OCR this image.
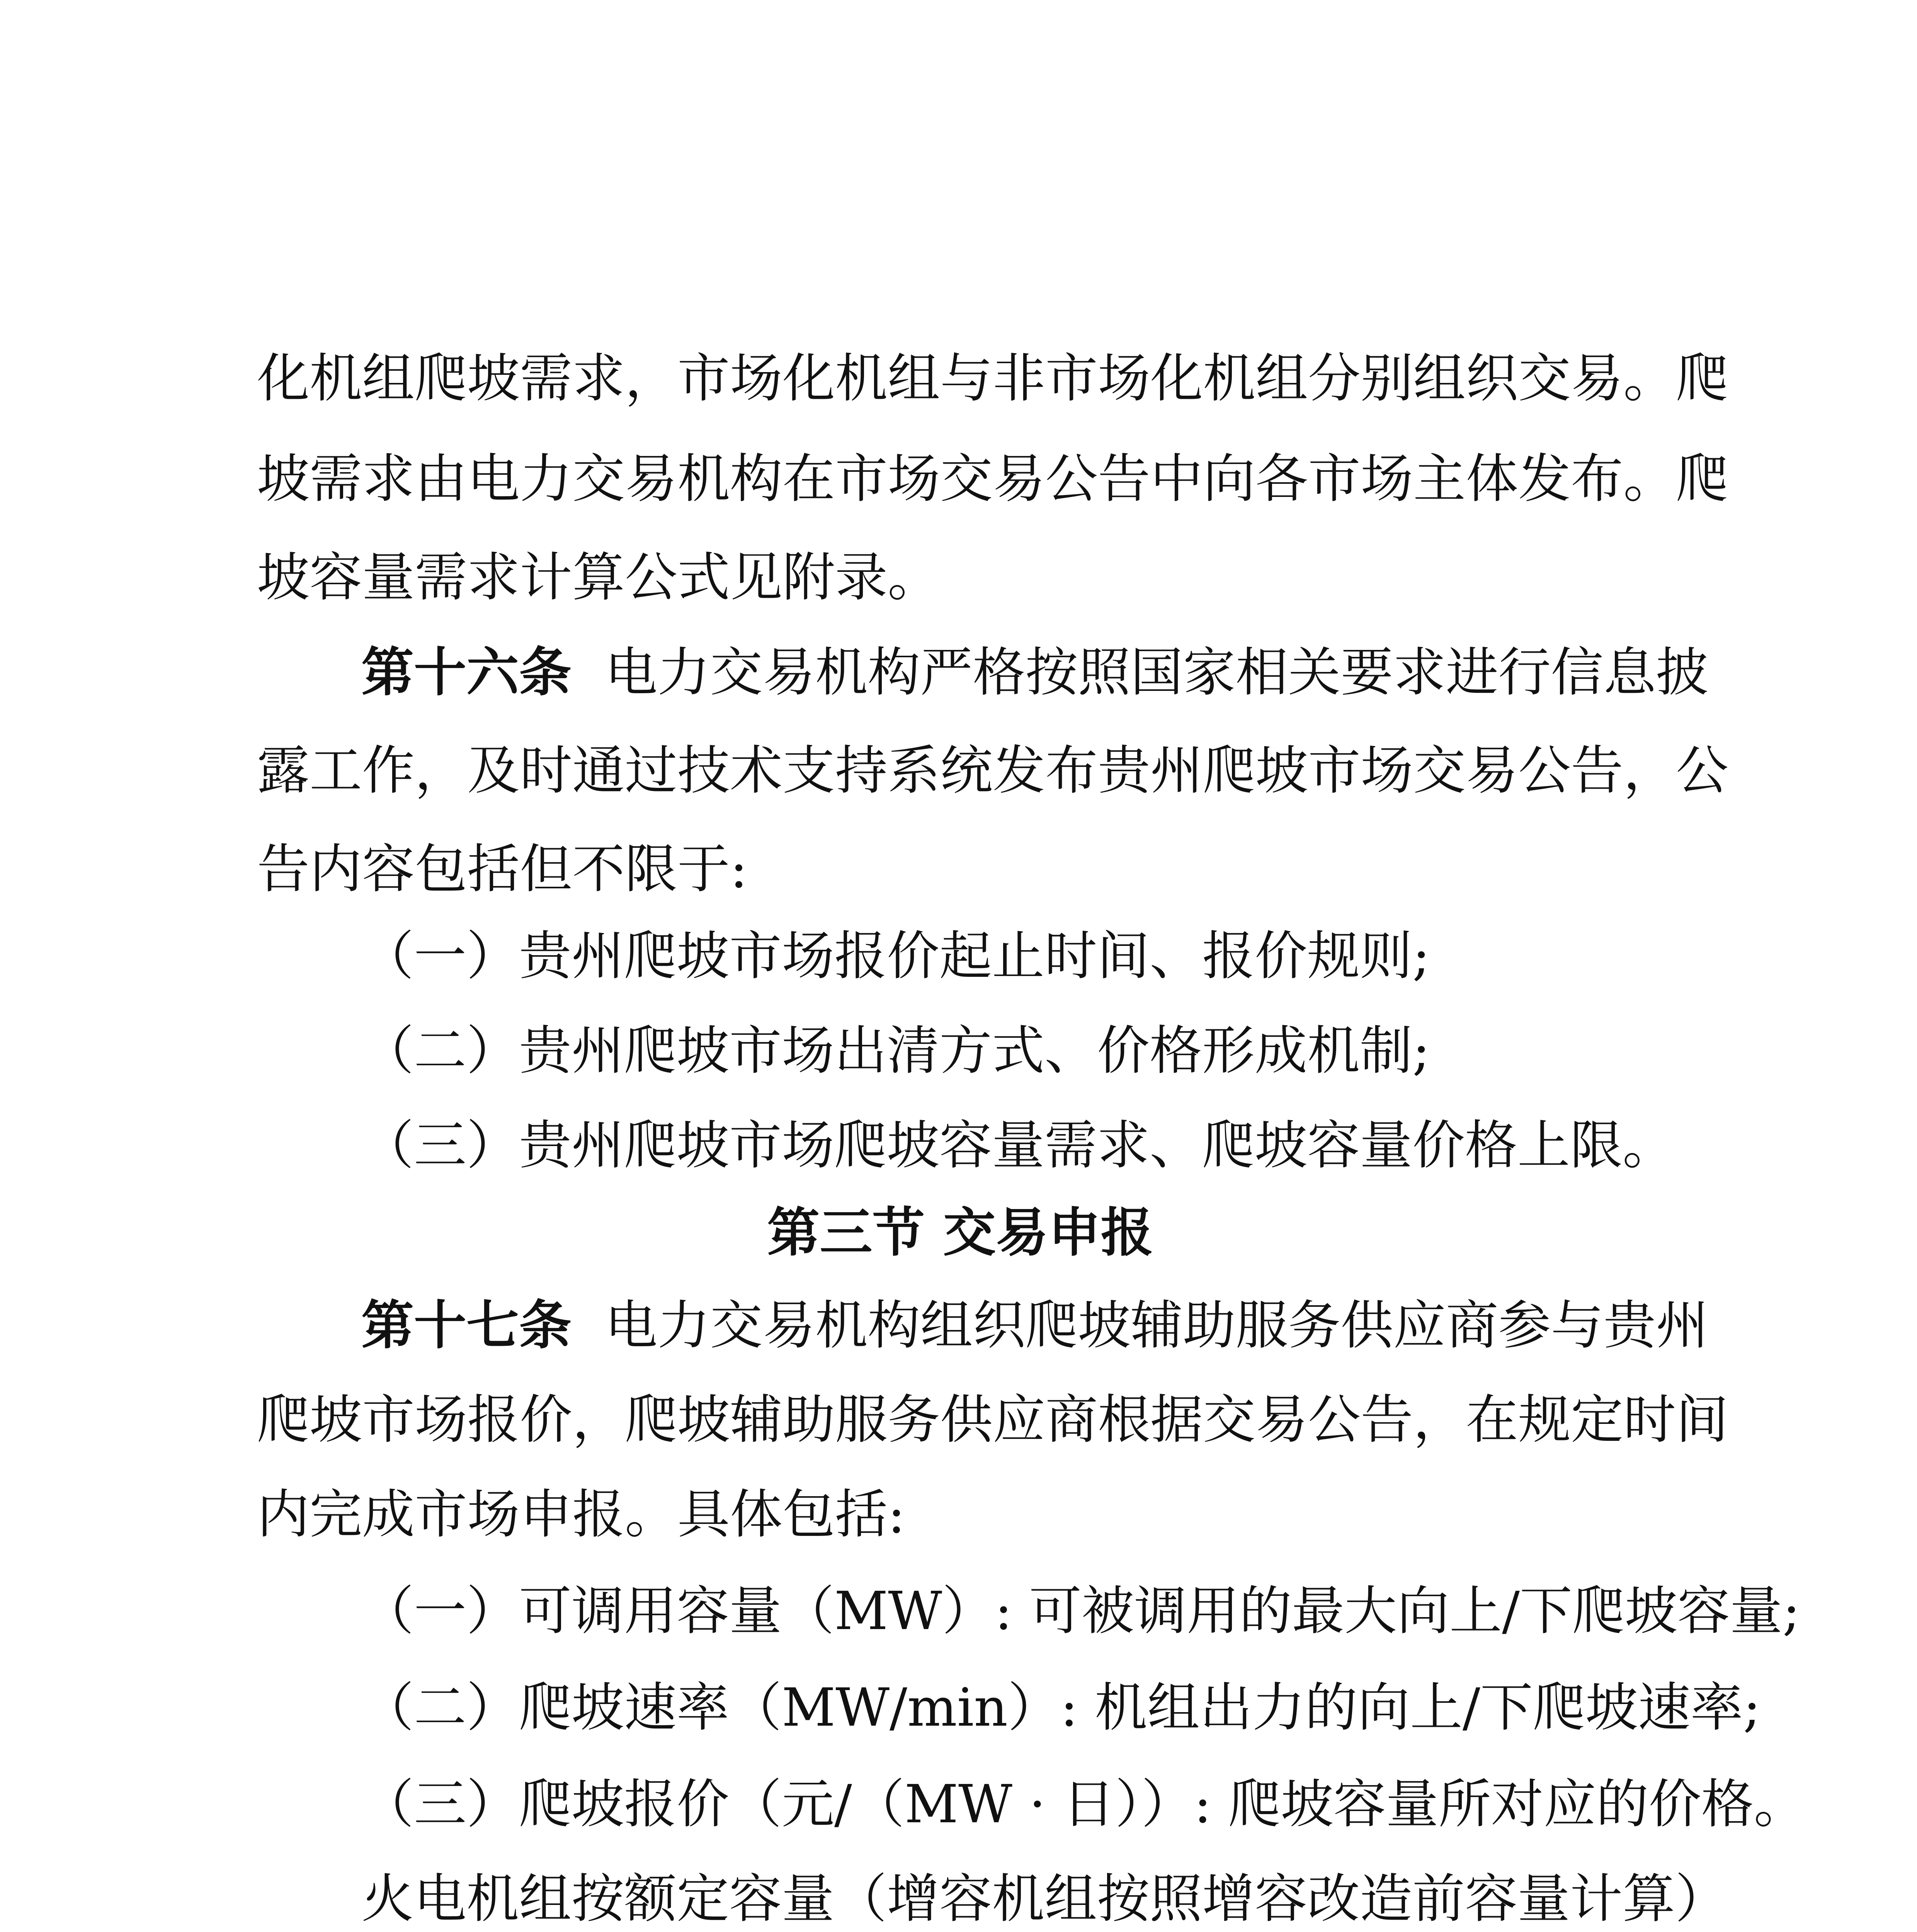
化机组爬坡需求，市场化机组与非市场化机组分别组织交易。爬
坡需求由电力交易机构在市场交易公告中向各市场主体发布。爬
坡容量需求计算公式见附录。
第十六条 电力交易机构严格按照国家相关要求进行信息披
露工作，及时通过技术支持系统发布贵州爬坡市场交易公告，公
告内容包括但不限于:
（一）贵州爬坡市场报价起止时间、报价规则;
（二）贵州爬坡市场出清方式、价格形成机制;
（三）贵州爬坡市场爬坡容量需求、爬坡容量价格上限。
第三节 交易申报
第十七条 电力交易机构组织爬坡辅助服务供应商参与贵州
爬坡市场报价，爬坡辅助服务供应商根据交易公告，在规定时间
内完成市场申报。具体包括:
（一）可调用容量（MW）: 可被调用的最大向上/下爬坡容量;
（二）爬坡速率（MW/min）: 机组出力的向上/下爬坡速率;
（三）爬坡报价（元/（MW · 日））: 爬坡容量所对应的价格。
火电机组按额定容量（增容机组按照增容改造前容量计算）
